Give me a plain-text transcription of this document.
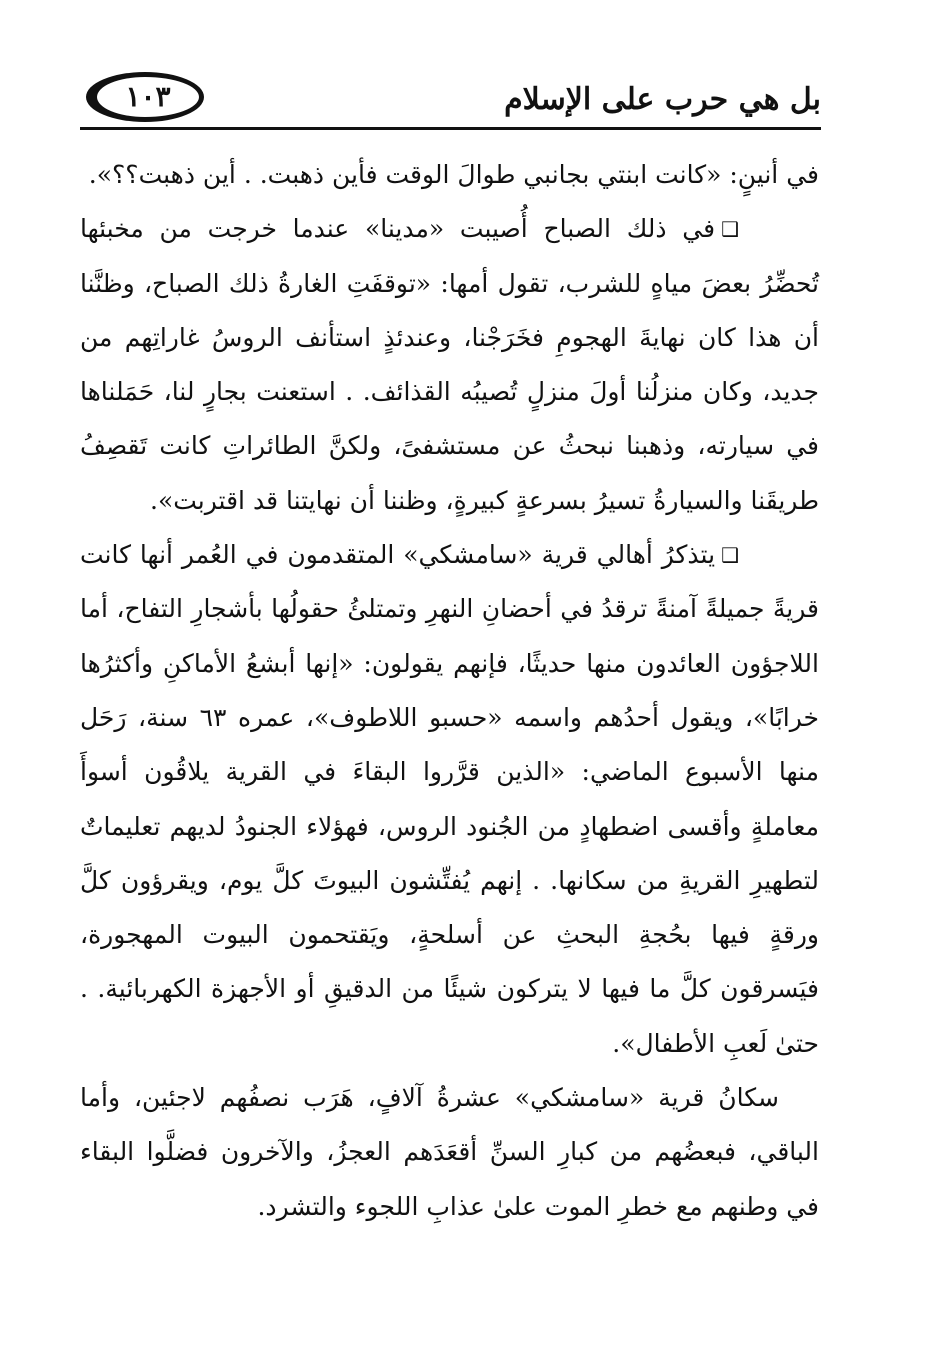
بل هي حرب على الإسلام
١٠٣

في أنينٍ: «كانت ابنتي بجانبي طوالَ الوقت فأين ذهبت. . أين ذهبت؟؟».

❑في ذلك الصباح أُصيبت «مدينا» عندما خرجت من مخبئها تُحضِّرُ بعضَ مياهٍ للشرب، تقول أمها: «توقفَتِ الغارةُ ذلك الصباح، وظنَّنا أن هذا كان نهايةَ الهجومِ فخَرَجْنا، وعندئذٍ استأنف الروسُ غاراتِهم من جديد، وكان منزلُنا أولَ منزلٍ تُصيبُه القذائف. . استعنت بجارٍ لنا، حَمَلناها في سيارته، وذهبنا نبحثُ عن مستشفىً، ولكنَّ الطائراتِ كانت تَقصِفُ طريقَنا والسيارةُ تسيرُ بسرعةٍ كبيرةٍ، وظننا أن نهايتنا قد اقتربت».

❑يتذكرُ أهالي قرية «سامشكي» المتقدمون في العُمر أنها كانت قريةً جميلةً آمنةً ترقدُ في أحضانِ النهرِ وتمتلئُ حقولُها بأشجارِ التفاح، أما اللاجؤون العائدون منها حديثًا، فإنهم يقولون: «إنها أبشعُ الأماكنِ وأكثرُها خرابًا»، ويقول أحدُهم واسمه «حسبو اللاطوف»، عمره ٦٣ سنة، رَحَل منها الأسبوع الماضي: «الذين قرَّروا البقاءَ في القرية يلاقُون أسوأَ معاملةٍ وأقسى اضطهادٍ من الجُنود الروس، فهؤلاء الجنودُ لديهم تعليماتٌ لتطهيرِ القريةِ من سكانها. . إنهم يُفتِّشون البيوتَ كلَّ يوم، ويقرؤون كلَّ ورقةٍ فيها بحُجةِ البحثِ عن أسلحةٍ، ويَقتحمون البيوت المهجورة، فيَسرقون كلَّ ما فيها لا يتركون شيئًا من الدقيقِ أو الأجهزة الكهربائية. . حتىٰ لَعبِ الأطفال».

سكانُ قرية «سامشكي» عشرةُ آلافٍ، هَرَب نصفُهم لاجئين، وأما الباقي، فبعضُهم من كبارِ السنِّ أقعَدَهم العجزُ، والآخرون فضلَّوا البقاء في وطنهم مع خطرِ الموت علىٰ عذابِ اللجوء والتشرد.
